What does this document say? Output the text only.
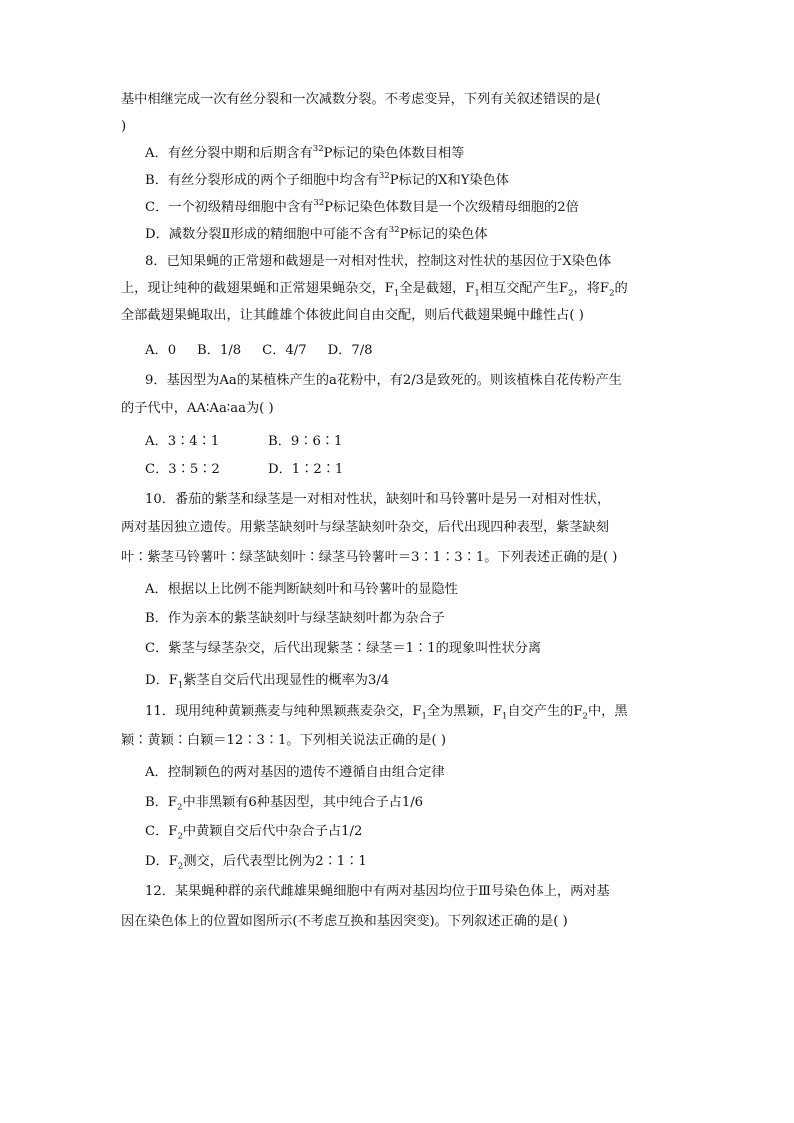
基中相继完成一次有丝分裂和一次减数分裂。不考虑变异，下列有关叙述错误的是(
)
A．有丝分裂中期和后期含有$^{32}$P标记的染色体数目相等
B．有丝分裂形成的两个子细胞中均含有$^{32}$P标记的X和Y染色体
C．一个初级精母细胞中含有$^{32}$P标记染色体数目是一个次级精母细胞的2倍
D．减数分裂Ⅱ形成的精细胞中可能不含有$^{32}$P标记的染色体
8．已知果蝇的正常翅和截翅是一对相对性状，控制这对性状的基因位于X染色体
上，现让纯种的截翅果蝇和正常翅果蝇杂交，$F_1$全是截翅，$F_1$相互交配产生$F_2$，将$F_2$的
全部截翅果蝇取出，让其雌雄个体彼此间自由交配，则后代截翅果蝇中雌性占( )
A．0     B．1/8     C．4/7     D．7/8
9．基因型为Aa的某植株产生的a花粉中，有2/3是致死的。则该植株自花传粉产生
的子代中，AA∶Aa∶aa为( )
A．3∶4∶1	B．9∶6∶1
C．3∶5∶2	D．1∶2∶1
10．番茄的紫茎和绿茎是一对相对性状，缺刻叶和马铃薯叶是另一对相对性状，
两对基因独立遗传。用紫茎缺刻叶与绿茎缺刻叶杂交，后代出现四种表型，紫茎缺刻
叶∶紫茎马铃薯叶∶绿茎缺刻叶∶绿茎马铃薯叶＝3∶1∶3∶1。下列表述正确的是( )
A．根据以上比例不能判断缺刻叶和马铃薯叶的显隐性
B．作为亲本的紫茎缺刻叶与绿茎缺刻叶都为杂合子
C．紫茎与绿茎杂交，后代出现紫茎∶绿茎＝1∶1的现象叫性状分离
D．$F_1$紫茎自交后代出现显性的概率为3/4
11．现用纯种黄颖燕麦与纯种黑颖燕麦杂交，$F_1$全为黑颖，$F_1$自交产生的$F_2$中，黑
颖∶黄颖∶白颖＝12∶3∶1。下列相关说法正确的是( )
A．控制颖色的两对基因的遗传不遵循自由组合定律
B．$F_2$中非黑颖有6种基因型，其中纯合子占1/6
C．$F_2$中黄颖自交后代中杂合子占1/2
D．$F_2$测交，后代表型比例为2∶1∶1
12．某果蝇种群的亲代雌雄果蝇细胞中有两对基因均位于Ⅲ号染色体上，两对基
因在染色体上的位置如图所示(不考虑互换和基因突变)。下列叙述正确的是( )
